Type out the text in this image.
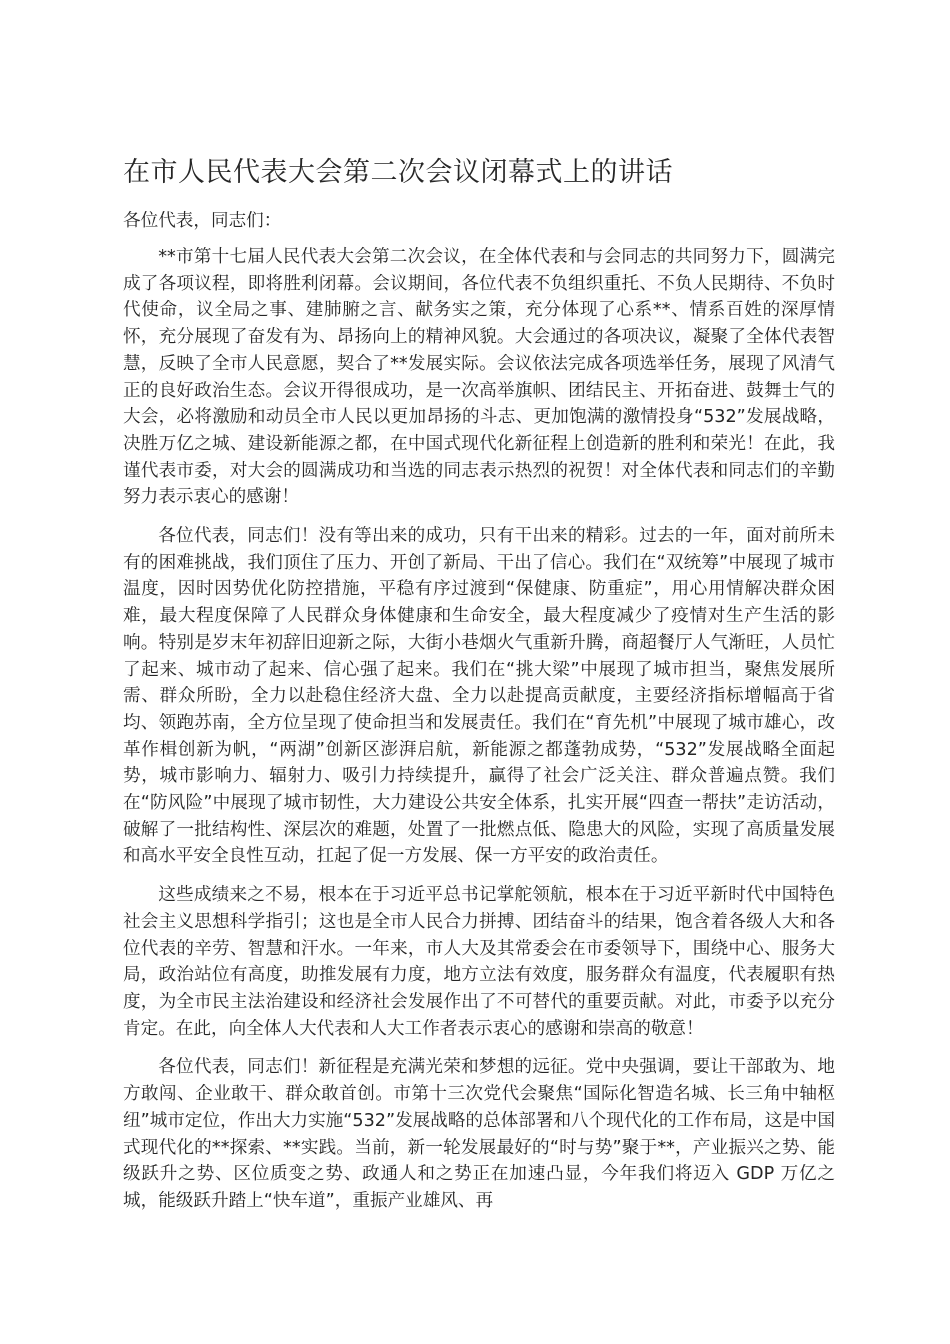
在市人民代表大会第二次会议闭幕式上的讲话

各位代表，同志们：

**市第十七届人民代表大会第二次会议，在全体代表和与会同志的共同努力下，圆满完成了各项议程，即将胜利闭幕。会议期间，各位代表不负组织重托、不负人民期待、不负时代使命，议全局之事、建肺腑之言、献务实之策，充分体现了心系**、情系百姓的深厚情怀，充分展现了奋发有为、昂扬向上的精神风貌。大会通过的各项决议，凝聚了全体代表智慧，反映了全市人民意愿，契合了**发展实际。会议依法完成各项选举任务，展现了风清气正的良好政治生态。会议开得很成功，是一次高举旗帜、团结民主、开拓奋进、鼓舞士气的大会，必将激励和动员全市人民以更加昂扬的斗志、更加饱满的激情投身“532”发展战略，决胜万亿之城、建设新能源之都，在中国式现代化新征程上创造新的胜利和荣光！在此，我谨代表市委，对大会的圆满成功和当选的同志表示热烈的祝贺！对全体代表和同志们的辛勤努力表示衷心的感谢！

各位代表，同志们！没有等出来的成功，只有干出来的精彩。过去的一年，面对前所未有的困难挑战，我们顶住了压力、开创了新局、干出了信心。我们在“双统筹”中展现了城市温度，因时因势优化防控措施，平稳有序过渡到“保健康、防重症”，用心用情解决群众困难，最大程度保障了人民群众身体健康和生命安全，最大程度减少了疫情对生产生活的影响。特别是岁末年初辞旧迎新之际，大街小巷烟火气重新升腾，商超餐厅人气渐旺，人员忙了起来、城市动了起来、信心强了起来。我们在“挑大梁”中展现了城市担当，聚焦发展所需、群众所盼，全力以赴稳住经济大盘、全力以赴提高贡献度，主要经济指标增幅高于省均、领跑苏南，全方位呈现了使命担当和发展责任。我们在“育先机”中展现了城市雄心，改革作楫创新为帆，“两湖”创新区澎湃启航，新能源之都蓬勃成势，“532”发展战略全面起势，城市影响力、辐射力、吸引力持续提升，赢得了社会广泛关注、群众普遍点赞。我们在“防风险”中展现了城市韧性，大力建设公共安全体系，扎实开展“四查一帮扶”走访活动，破解了一批结构性、深层次的难题，处置了一批燃点低、隐患大的风险，实现了高质量发展和高水平安全良性互动，扛起了促一方发展、保一方平安的政治责任。

这些成绩来之不易，根本在于习近平总书记掌舵领航，根本在于习近平新时代中国特色社会主义思想科学指引；这也是全市人民合力拼搏、团结奋斗的结果，饱含着各级人大和各位代表的辛劳、智慧和汗水。一年来，市人大及其常委会在市委领导下，围绕中心、服务大局，政治站位有高度，助推发展有力度，地方立法有效度，服务群众有温度，代表履职有热度，为全市民主法治建设和经济社会发展作出了不可替代的重要贡献。对此，市委予以充分肯定。在此，向全体人大代表和人大工作者表示衷心的感谢和崇高的敬意！

各位代表，同志们！新征程是充满光荣和梦想的远征。党中央强调，要让干部敢为、地方敢闯、企业敢干、群众敢首创。市第十三次党代会聚焦“国际化智造名城、长三角中轴枢纽”城市定位，作出大力实施“532”发展战略的总体部署和八个现代化的工作布局，这是中国式现代化的**探索、**实践。当前，新一轮发展最好的“时与势”聚于**，产业振兴之势、能级跃升之势、区位质变之势、政通人和之势正在加速凸显，今年我们将迈入 GDP 万亿之城，能级跃升踏上“快车道”，重振产业雄风、再
